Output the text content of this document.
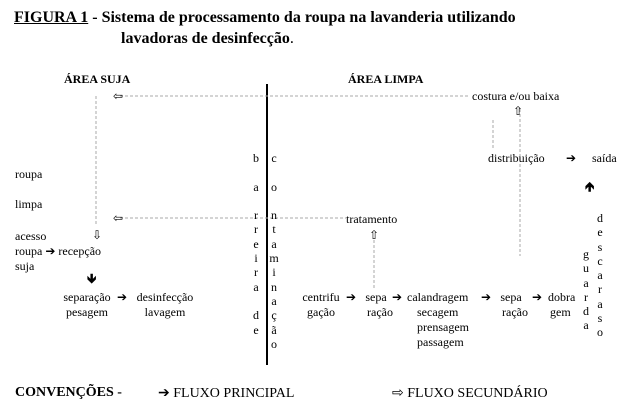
FIGURA 1 - Sistema de processamento da roupa na lavanderia utilizando
lavadoras de desinfecção.
ÁREA SUJA	ÁREA LIMPA
⇦
⇦
⇩	⇧
⇧
roupa
limpa
acesso
roupa ➔ recepção
suja
🡻
separação
pesagem
➔ desinfecção
lavagem
b

a

r
r
e
i
r
a

d
e
c

o

n
t
a
m
i
n
a
ç
ã
o
costura e/ou baixa
distribuição ➔ saída
🡹
tratamento
centrifu
gação
➔ sepa
ração
➔ calandragem
secagem
prensagem
passagem
➔ sepa
ração
➔ dobra
gem
g
u
a
r
d
a
d
e
s
c
a
r
a
s
o
CONVENÇÕES -	➔ FLUXO PRINCIPAL	⇨ FLUXO SECUNDÁRIO
